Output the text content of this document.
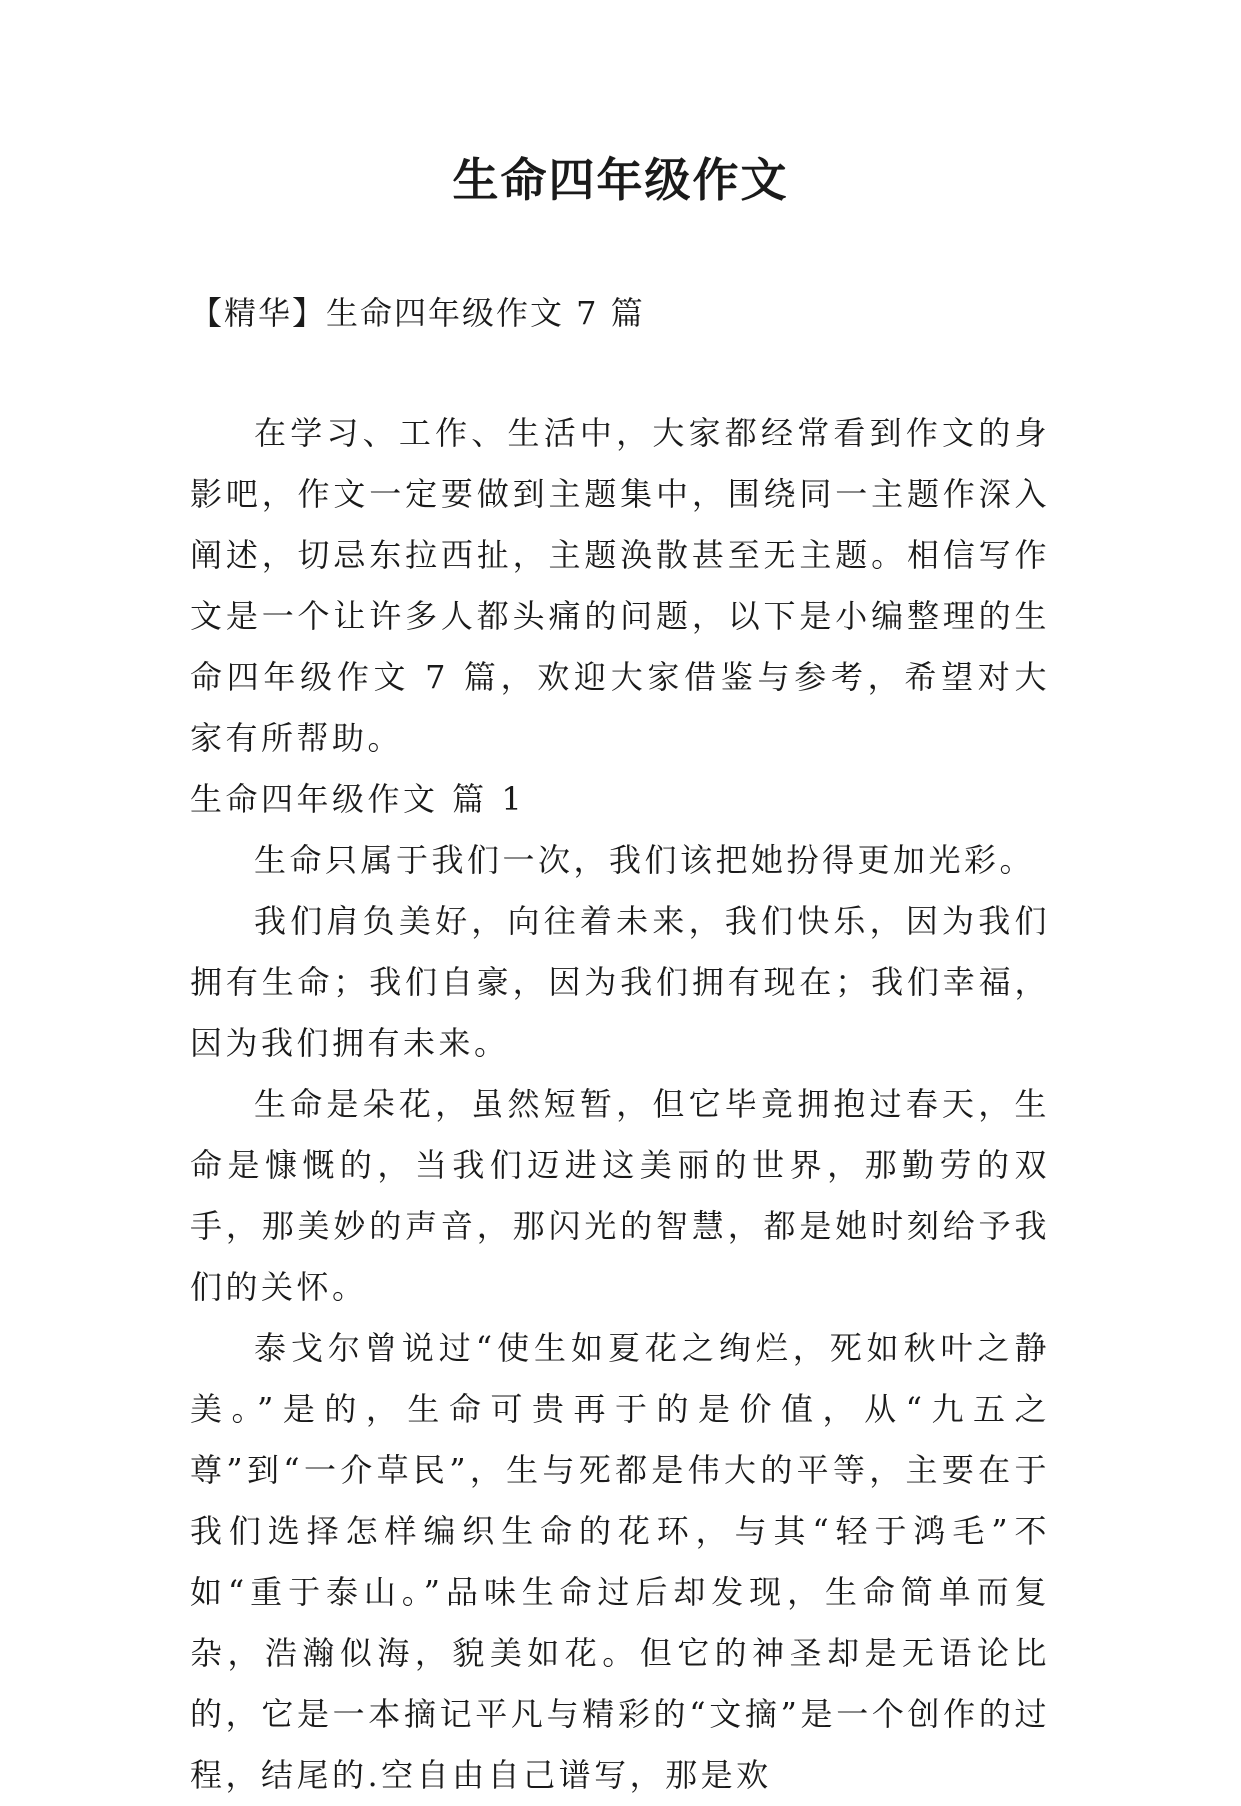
生命四年级作文
【精华】生命四年级作文 7 篇

在学习、工作、生活中，大家都经常看到作文的身影吧，作文一定要做到主题集中，围绕同一主题作深入阐述，切忌东拉西扯，主题涣散甚至无主题。相信写作文是一个让许多人都头痛的问题，以下是小编整理的生命四年级作文 7 篇，欢迎大家借鉴与参考，希望对大家有所帮助。

生命四年级作文 篇 1

生命只属于我们一次，我们该把她扮得更加光彩。

我们肩负美好，向往着未来，我们快乐，因为我们拥有生命；我们自豪，因为我们拥有现在；我们幸福，因为我们拥有未来。

生命是朵花，虽然短暂，但它毕竟拥抱过春天，生命是慷慨的，当我们迈进这美丽的世界，那勤劳的双手，那美妙的声音，那闪光的智慧，都是她时刻给予我们的关怀。

泰戈尔曾说过“使生如夏花之绚烂，死如秋叶之静美。”是的，生命可贵再于的是价值，从“九五之尊”到“一介草民”，生与死都是伟大的平等，主要在于我们选择怎样编织生命的花环，与其“轻于鸿毛”不如“重于泰山。”品味生命过后却发现，生命简单而复杂，浩瀚似海，貌美如花。但它的神圣却是无语论比的，它是一本摘记平凡与精彩的“文摘”是一个创作的过程，结尾的.空自由自己谱写，那是欢
